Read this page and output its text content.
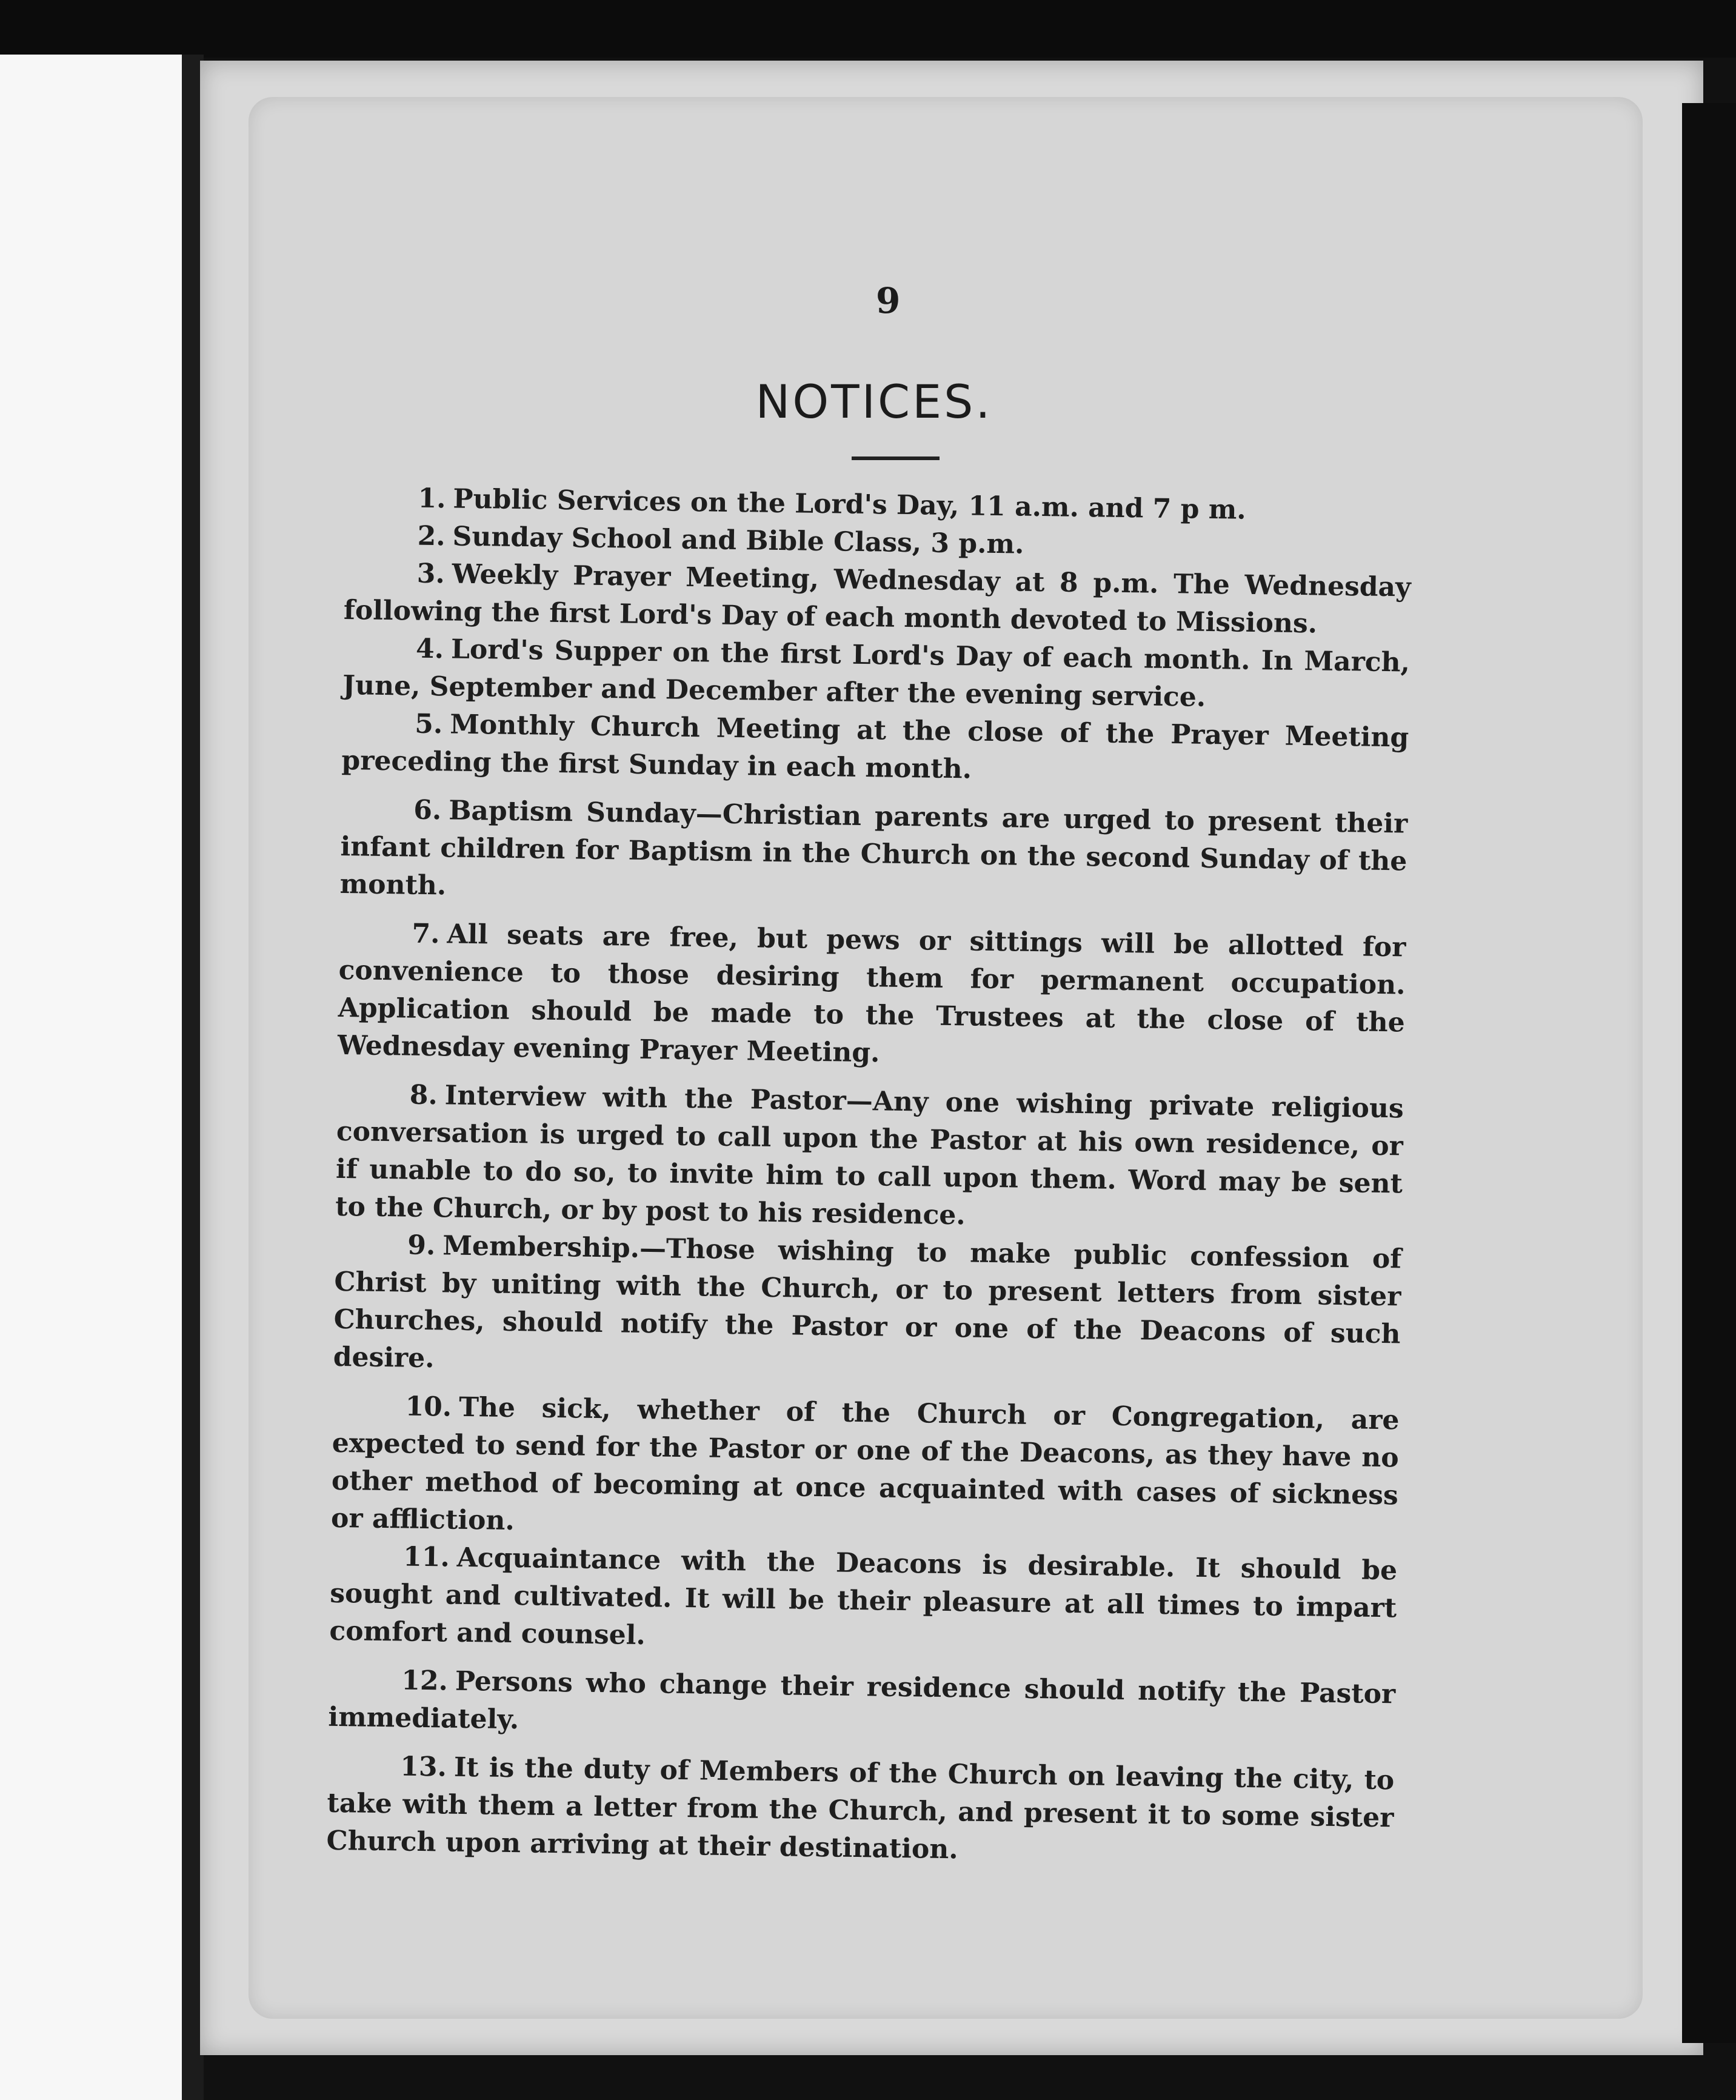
9
NOTICES.

1. Public Services on the Lord's Day, 11 a.m. and 7 p m.

2. Sunday School and Bible Class, 3 p.m.

3. Weekly Prayer Meeting, Wednesday at 8 p.m. The Wednesday following the first Lord's Day of each month devoted to Missions.

4. Lord's Supper on the first Lord's Day of each month. In March, June, September and December after the evening service.

5. Monthly Church Meeting at the close of the Prayer Meeting preceding the first Sunday in each month.

6. Baptism Sunday—Christian parents are urged to present their infant children for Baptism in the Church on the second Sunday of the month.

7. All seats are free, but pews or sittings will be allotted for convenience to those desiring them for permanent occupation. Application should be made to the Trustees at the close of the Wednesday evening Prayer Meeting.

8. Interview with the Pastor—Any one wishing private religious conversation is urged to call upon the Pastor at his own residence, or if unable to do so, to invite him to call upon them. Word may be sent to the Church, or by post to his residence.

9. Membership.—Those wishing to make public confession of Christ by uniting with the Church, or to present letters from sister Churches, should notify the Pastor or one of the Deacons of such desire.

10. The sick, whether of the Church or Congregation, are expected to send for the Pastor or one of the Deacons, as they have no other method of becoming at once acquainted with cases of sickness or affliction.

11. Acquaintance with the Deacons is desirable. It should be sought and cultivated. It will be their pleasure at all times to impart comfort and counsel.

12. Persons who change their residence should notify the Pastor immediately.

13. It is the duty of Members of the Church on leaving the city, to take with them a letter from the Church, and present it to some sister Church upon arriving at their destination.
